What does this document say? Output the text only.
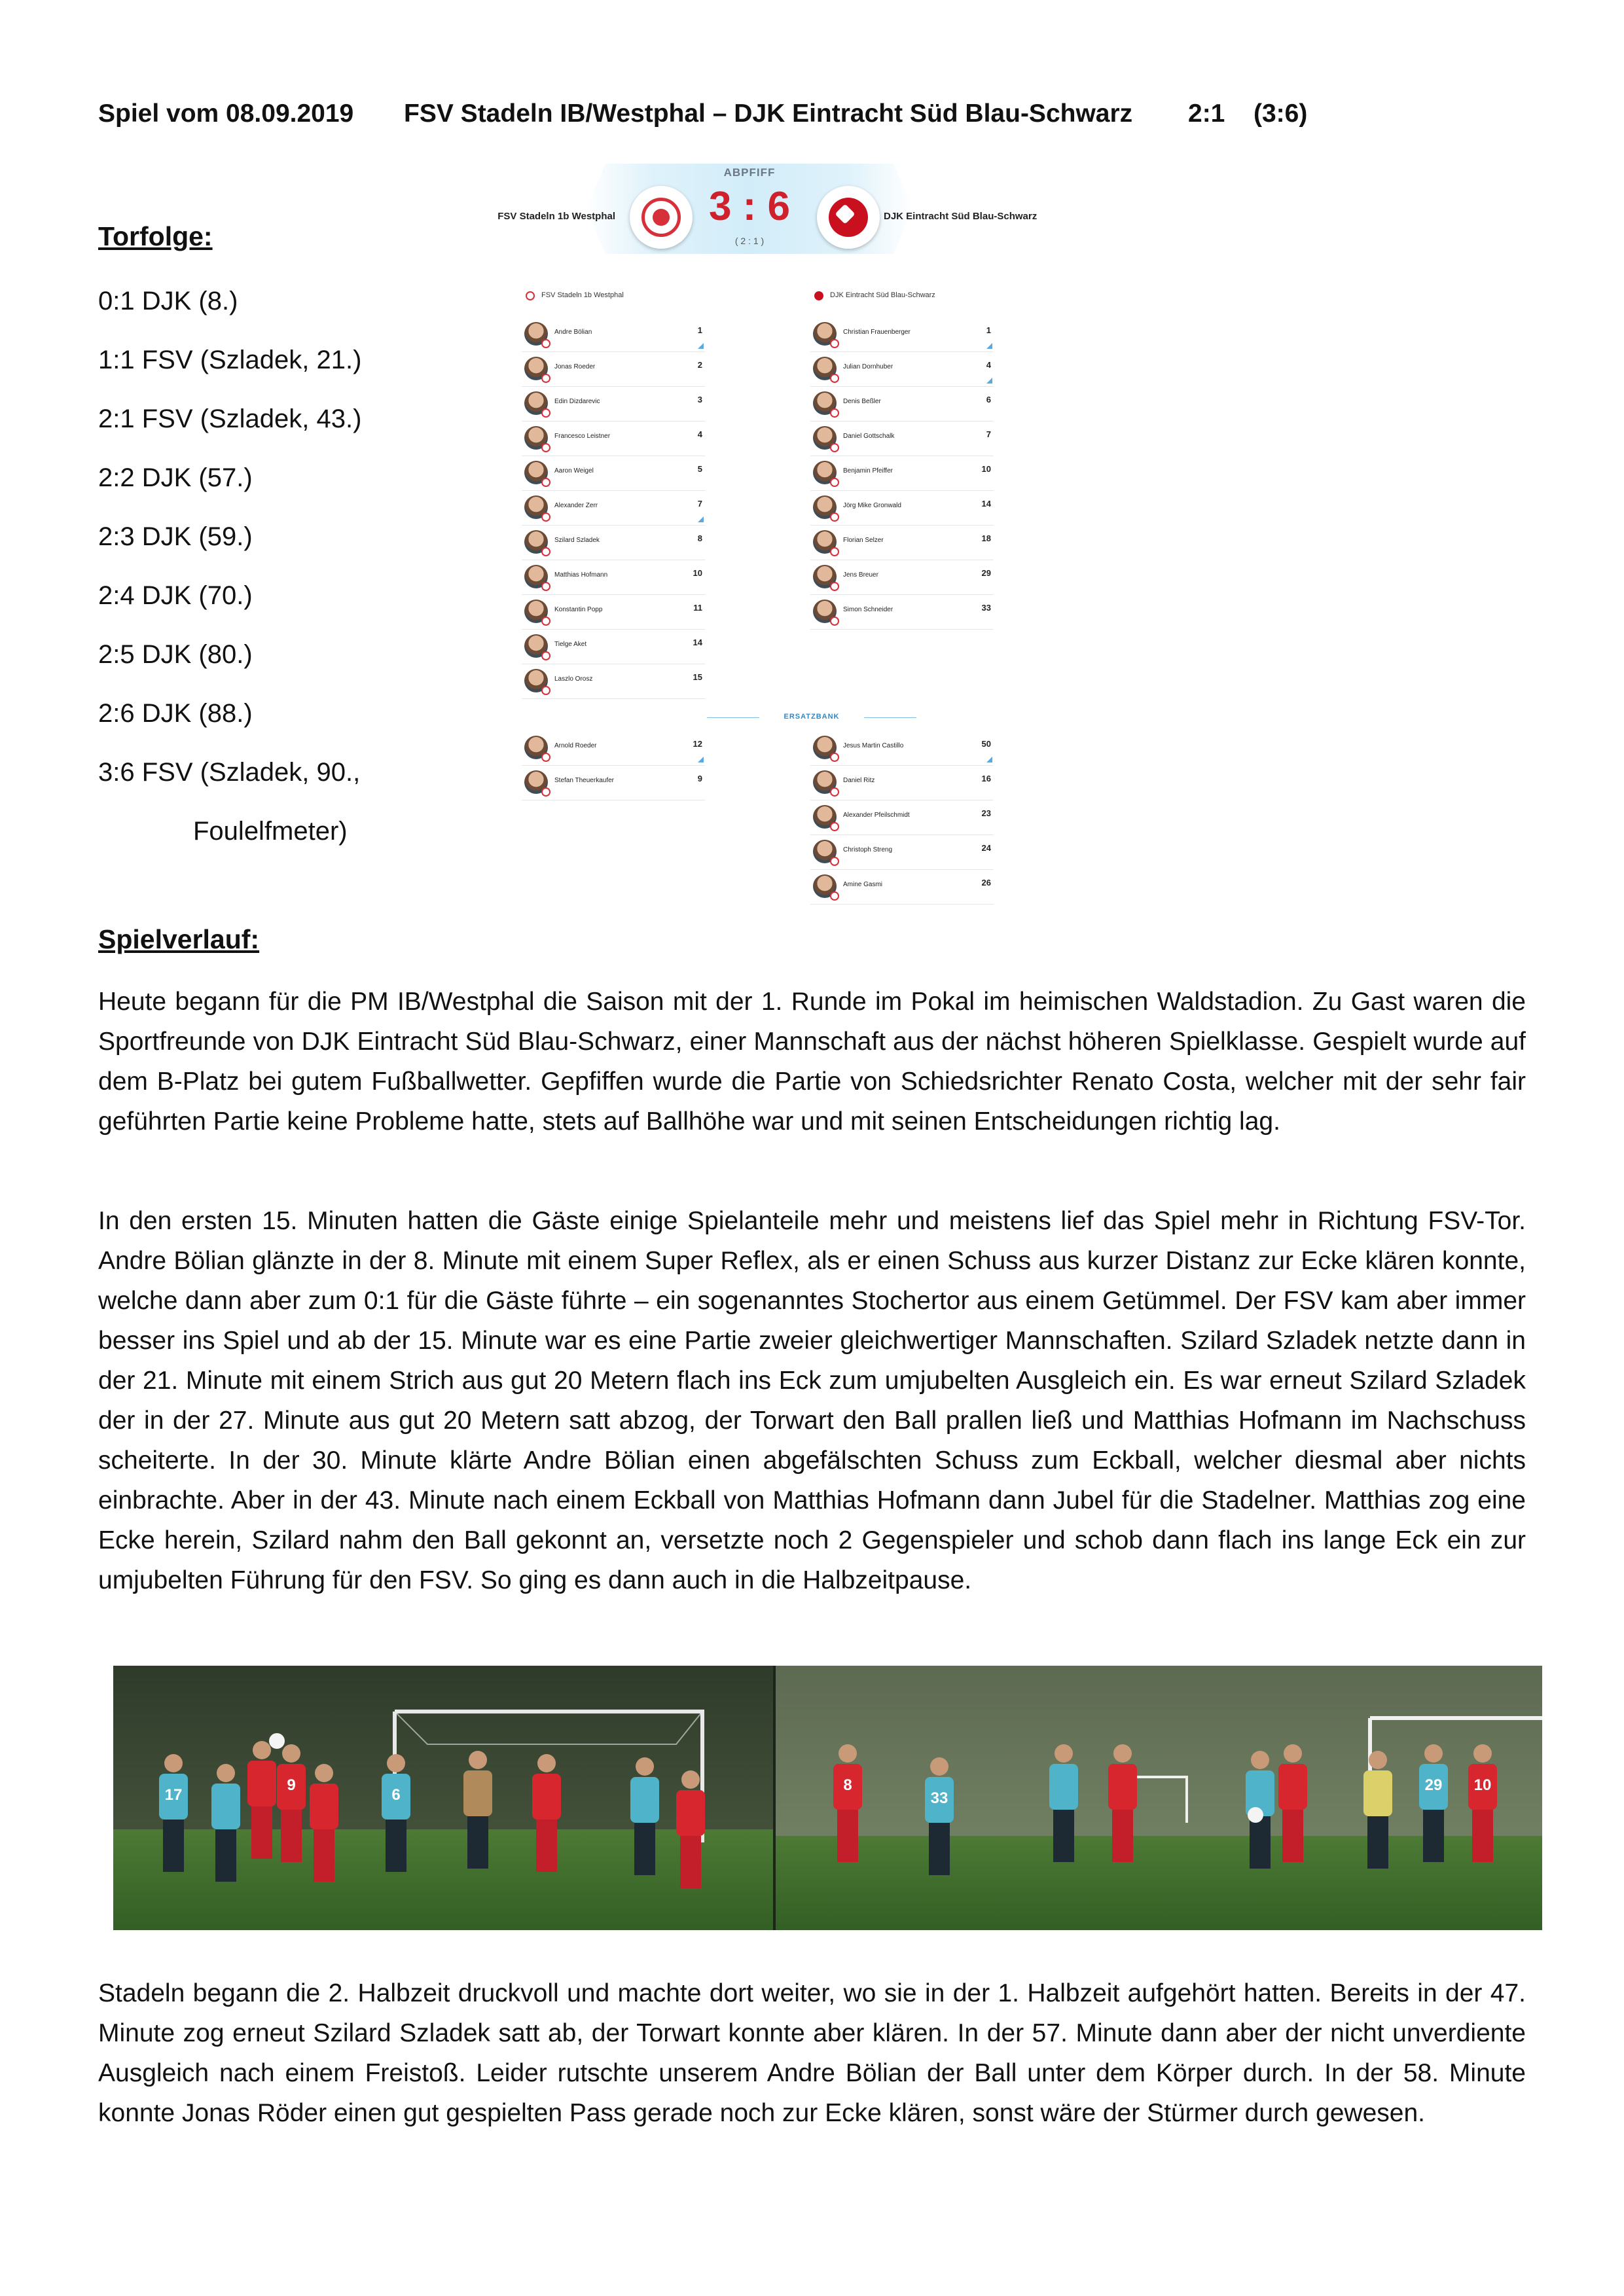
Spiel vom 08.09.2019 FSV Stadeln IB/Westphal – DJK Eintracht Süd Blau-Schwarz 2:1 (3:6)
Torfolge:
0:1 DJK (8.)
1:1 FSV (Szladek, 21.)
2:1 FSV (Szladek, 43.)
2:2 DJK (57.)
2:3 DJK (59.)
2:4 DJK (70.)
2:5 DJK (80.)
2:6 DJK (88.)
3:6 FSV (Szladek, 90.,
Foulelfmeter)
ABPFIFF
FSV Stadeln 1b Westphal 3 : 6
( 2 : 1 )
DJK Eintracht Süd Blau-Schwarz
FSV Stadeln 1b Westphal
Andre Bölian	1
Jonas Roeder	2
Edin Dizdarevic	3
Francesco Leistner	4
Aaron Weigel	5
Alexander Zerr	7
Szilard Szladek	8
Matthias Hofmann	10
Konstantin Popp	11
Tielge Aket	14
Laszlo Orosz	15
DJK Eintracht Süd Blau-Schwarz
Christian Frauenberger	1
Julian Dornhuber	4
Denis Beßler	6
Daniel Gottschalk	7
Benjamin Pfeiffer	10
Jörg Mike Gronwald	14
Florian Selzer	18
Jens Breuer	29
Simon Schneider	33
ERSATZBANK
Arnold Roeder	12
Stefan Theuerkaufer	9
Jesus Martin Castillo	50
Daniel Ritz	16
Alexander Pfeilschmidt	23
Christoph Streng	24
Amine Gasmi	26
Spielverlauf:
Heute begann für die PM IB/Westphal die Saison mit der 1. Runde im Pokal im heimischen Waldstadion. Zu Gast waren die Sportfreunde von DJK Eintracht Süd Blau-Schwarz, einer Mannschaft aus der nächst höheren Spielklasse. Gespielt wurde auf dem B-Platz bei gutem Fußballwetter. Gepfiffen wurde die Partie von Schiedsrichter Renato Costa, welcher mit der sehr fair geführten Partie keine Probleme hatte, stets auf Ballhöhe war und mit seinen Entscheidungen richtig lag.
In den ersten 15. Minuten hatten die Gäste einige Spielanteile mehr und meistens lief das Spiel mehr in Richtung FSV-Tor. Andre Bölian glänzte in der 8. Minute mit einem Super Reflex, als er einen Schuss aus kurzer Distanz zur Ecke klären konnte, welche dann aber zum 0:1 für die Gäste führte – ein sogenanntes Stochertor aus einem Getümmel. Der FSV kam aber immer besser ins Spiel und ab der 15. Minute war es eine Partie zweier gleichwertiger Mannschaften. Szilard Szladek netzte dann in der 21. Minute mit einem Strich aus gut 20 Metern flach ins Eck zum umjubelten Ausgleich ein. Es war erneut Szilard Szladek der in der 27. Minute aus gut 20 Metern satt abzog, der Torwart den Ball prallen ließ und Matthias Hofmann im Nachschuss scheiterte. In der 30. Minute klärte Andre Bölian einen abgefälschten Schuss zum Eckball, welcher diesmal aber nichts einbrachte. Aber in der 43. Minute nach einem Eckball von Matthias Hofmann dann Jubel für die Stadelner. Matthias zog eine Ecke herein, Szilard nahm den Ball gekonnt an, versetzte noch 2 Gegenspieler und schob dann flach ins lange Eck ein zur umjubelten Führung für den FSV. So ging es dann auch in die Halbzeitpause.
17
9
6
8
33
29 10
Stadeln begann die 2. Halbzeit druckvoll und machte dort weiter, wo sie in der 1. Halbzeit aufgehört hatten. Bereits in der 47. Minute zog erneut Szilard Szladek satt ab, der Torwart konnte aber klären. In der 57. Minute dann aber der nicht unverdiente Ausgleich nach einem Freistoß. Leider rutschte unserem Andre Bölian der Ball unter dem Körper durch. In der 58. Minute konnte Jonas Röder einen gut gespielten Pass gerade noch zur Ecke klären, sonst wäre der Stürmer durch gewesen.
